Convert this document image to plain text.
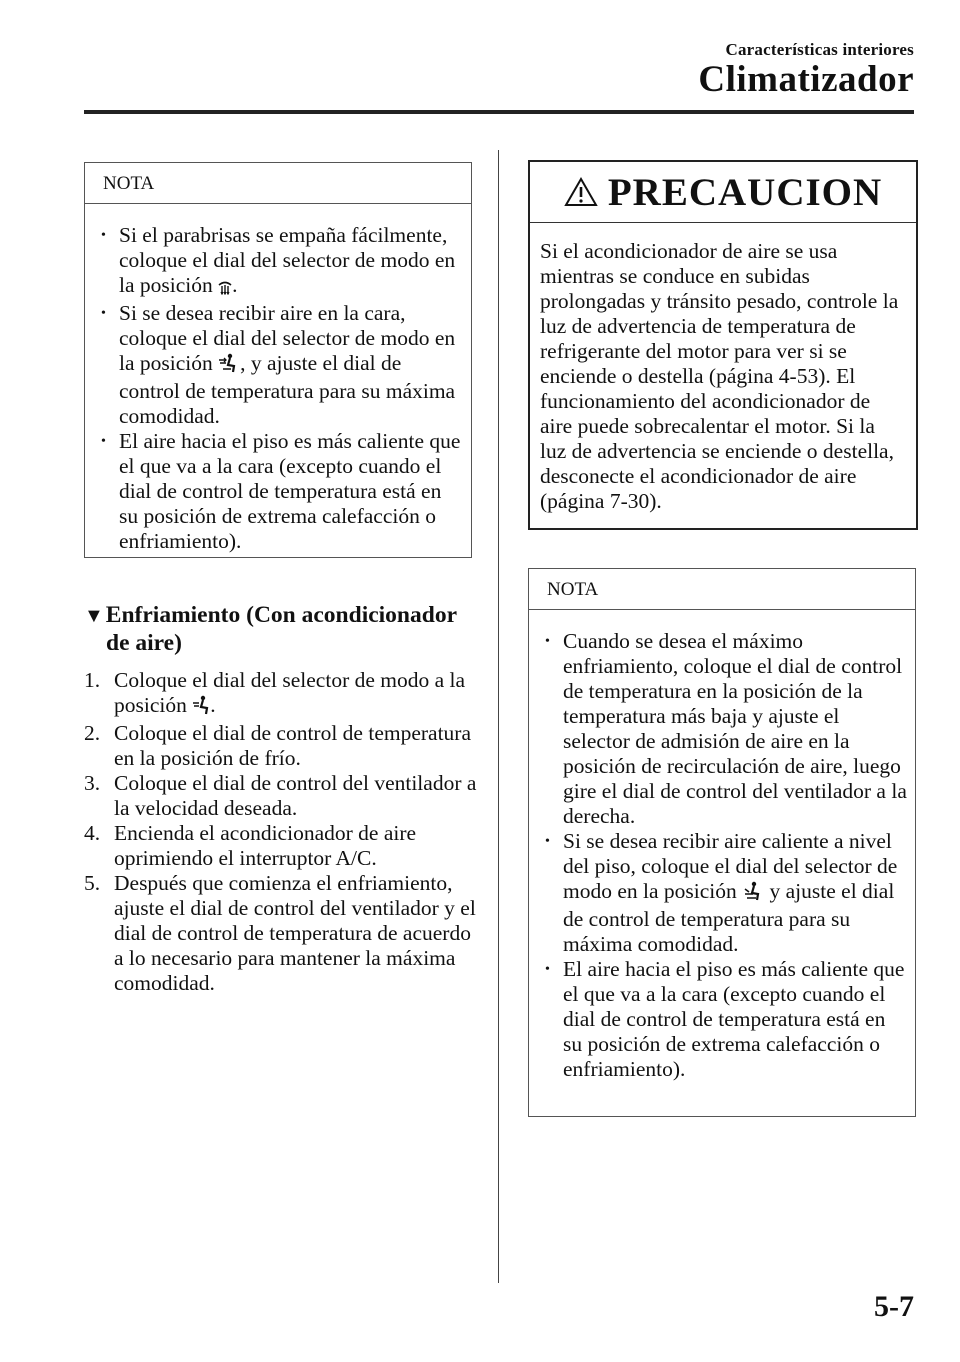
Características interiores
Climatizador
NOTA
• Si el parabrisas se empaña fácilmente, coloque el dial del selector de modo en la posición .
• Si se desea recibir aire en la cara, coloque el dial del selector de modo en la posición , y ajuste el dial de control de temperatura para su máxima comodidad.
• El aire hacia el piso es más caliente que el que va a la cara (excepto cuando el dial de control de temperatura está en su posición de extrema calefacción o enfriamiento).
▼Enfriamiento (Con acondicionador
de aire)
1. Coloque el dial del selector de modo a la posición .
2. Coloque el dial de control de temperatura en la posición de frío.
3. Coloque el dial de control del ventilador a la velocidad deseada.
4. Encienda el acondicionador de aire oprimiendo el interruptor A/C.
5. Después que comienza el enfriamiento, ajuste el dial de control del ventilador y el dial de control de temperatura de acuerdo a lo necesario para mantener la máxima comodidad.
PRECAUCION
Si el acondicionador de aire se usa mientras se conduce en subidas prolongadas y tránsito pesado, controle la luz de advertencia de temperatura de refrigerante del motor para ver si se enciende o destella (página 4-53). El funcionamiento del acondicionador de aire puede sobrecalentar el motor. Si la luz de advertencia se enciende o destella, desconecte el acondicionador de aire (página 7-30).
NOTA
• Cuando se desea el máximo enfriamiento, coloque el dial de control de temperatura en la posición de la temperatura más baja y ajuste el selector de admisión de aire en la posición de recirculación de aire, luego gire el dial de control del ventilador a la derecha.
• Si se desea recibir aire caliente a nivel del piso, coloque el dial del selector de modo en la posición  y ajuste el dial de control de temperatura para su máxima comodidad.
• El aire hacia el piso es más caliente que el que va a la cara (excepto cuando el dial de control de temperatura está en su posición de extrema calefacción o enfriamiento).
5-7
